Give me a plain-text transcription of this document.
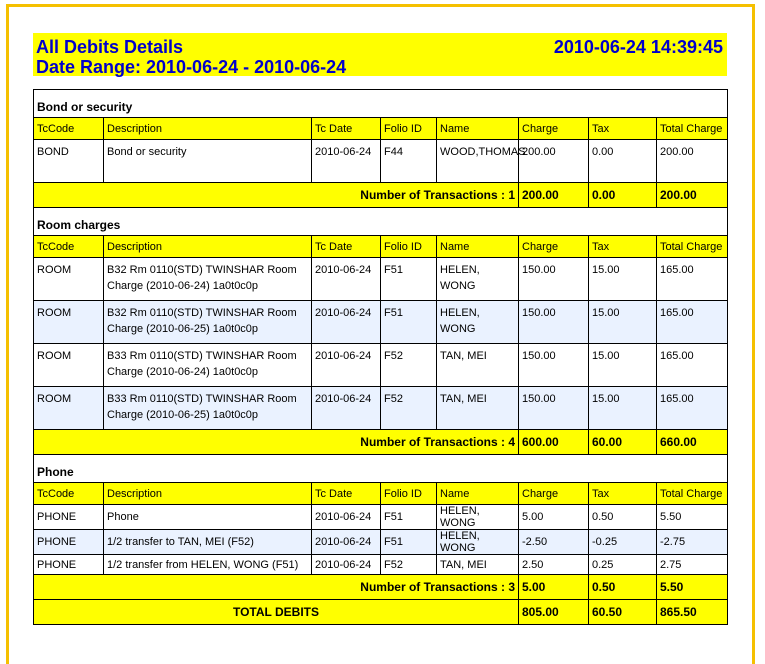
All Debits Details
Date Range: 2010-06-24 - 2010-06-24
2010-06-24 14:39:45
Bond or security							
TcCode	Description	Tc Date	Folio ID	Name	Charge	Tax	Total Charge
BOND	Bond or security	2010-06-24	F44	WOOD,THOMAS	200.00	0.00	200.00
Number of Transactions : 1					200.00	0.00	200.00
Room charges							
TcCode	Description	Tc Date	Folio ID	Name	Charge	Tax	Total Charge
ROOM	B32 Rm 0110(STD) TWINSHAR Room Charge (2010-06-24) 1a0t0c0p	2010-06-24	F51	HELEN, WONG	150.00	15.00	165.00
ROOM	B32 Rm 0110(STD) TWINSHAR Room Charge (2010-06-25) 1a0t0c0p	2010-06-24	F51	HELEN, WONG	150.00	15.00	165.00
ROOM	B33 Rm 0110(STD) TWINSHAR Room Charge (2010-06-24) 1a0t0c0p	2010-06-24	F52	TAN, MEI	150.00	15.00	165.00
ROOM	B33 Rm 0110(STD) TWINSHAR Room Charge (2010-06-25) 1a0t0c0p	2010-06-24	F52	TAN, MEI	150.00	15.00	165.00
Number of Transactions : 4					600.00	60.00	660.00
Phone							
TcCode	Description	Tc Date	Folio ID	Name	Charge	Tax	Total Charge
PHONE	Phone	2010-06-24	F51	HELEN, WONG	5.00	0.50	5.50
PHONE	1/2 transfer to TAN, MEI (F52)	2010-06-24	F51	HELEN, WONG	-2.50	-0.25	-2.75
PHONE	1/2 transfer from HELEN, WONG (F51)	2010-06-24	F52	TAN, MEI	2.50	0.25	2.75
Number of Transactions : 3					5.00	0.50	5.50
TOTAL DEBITS					805.00	60.50	865.50
